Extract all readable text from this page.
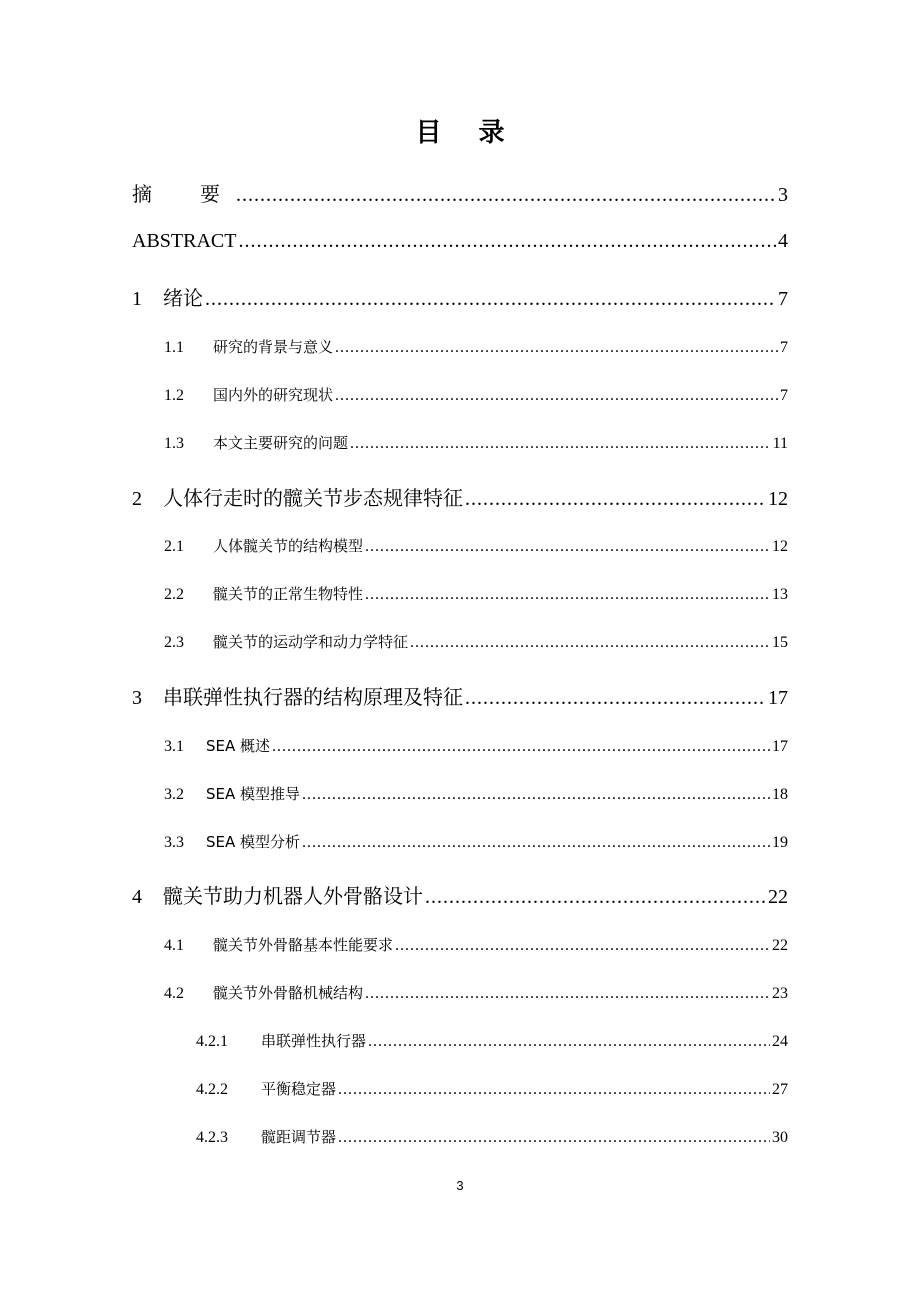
目 录
摘　要 .....	3
ABSTRACT .....	4
1	绪论 .....	7
1.1	研究的背景与意义 .....	7
1.2	国内外的研究现状 .....	7
1.3	本文主要研究的问题 .....	11
2	人体行走时的髋关节步态规律特征 .....	12
2.1	人体髋关节的结构模型 .....	12
2.2	髋关节的正常生物特性 .....	13
2.3	髋关节的运动学和动力学特征 .....	15
3	串联弹性执行器的结构原理及特征 .....	17
3.1	SEA 概述 .....	17
3.2	SEA 模型推导 .....	18
3.3	SEA 模型分析 .....	19
4	髋关节助力机器人外骨骼设计 .....	22
4.1	髋关节外骨骼基本性能要求 .....	22
4.2	髋关节外骨骼机械结构 .....	23
4.2.1	串联弹性执行器 .....	24
4.2.2	平衡稳定器 .....	27
4.2.3	髋距调节器 .....	30
3
